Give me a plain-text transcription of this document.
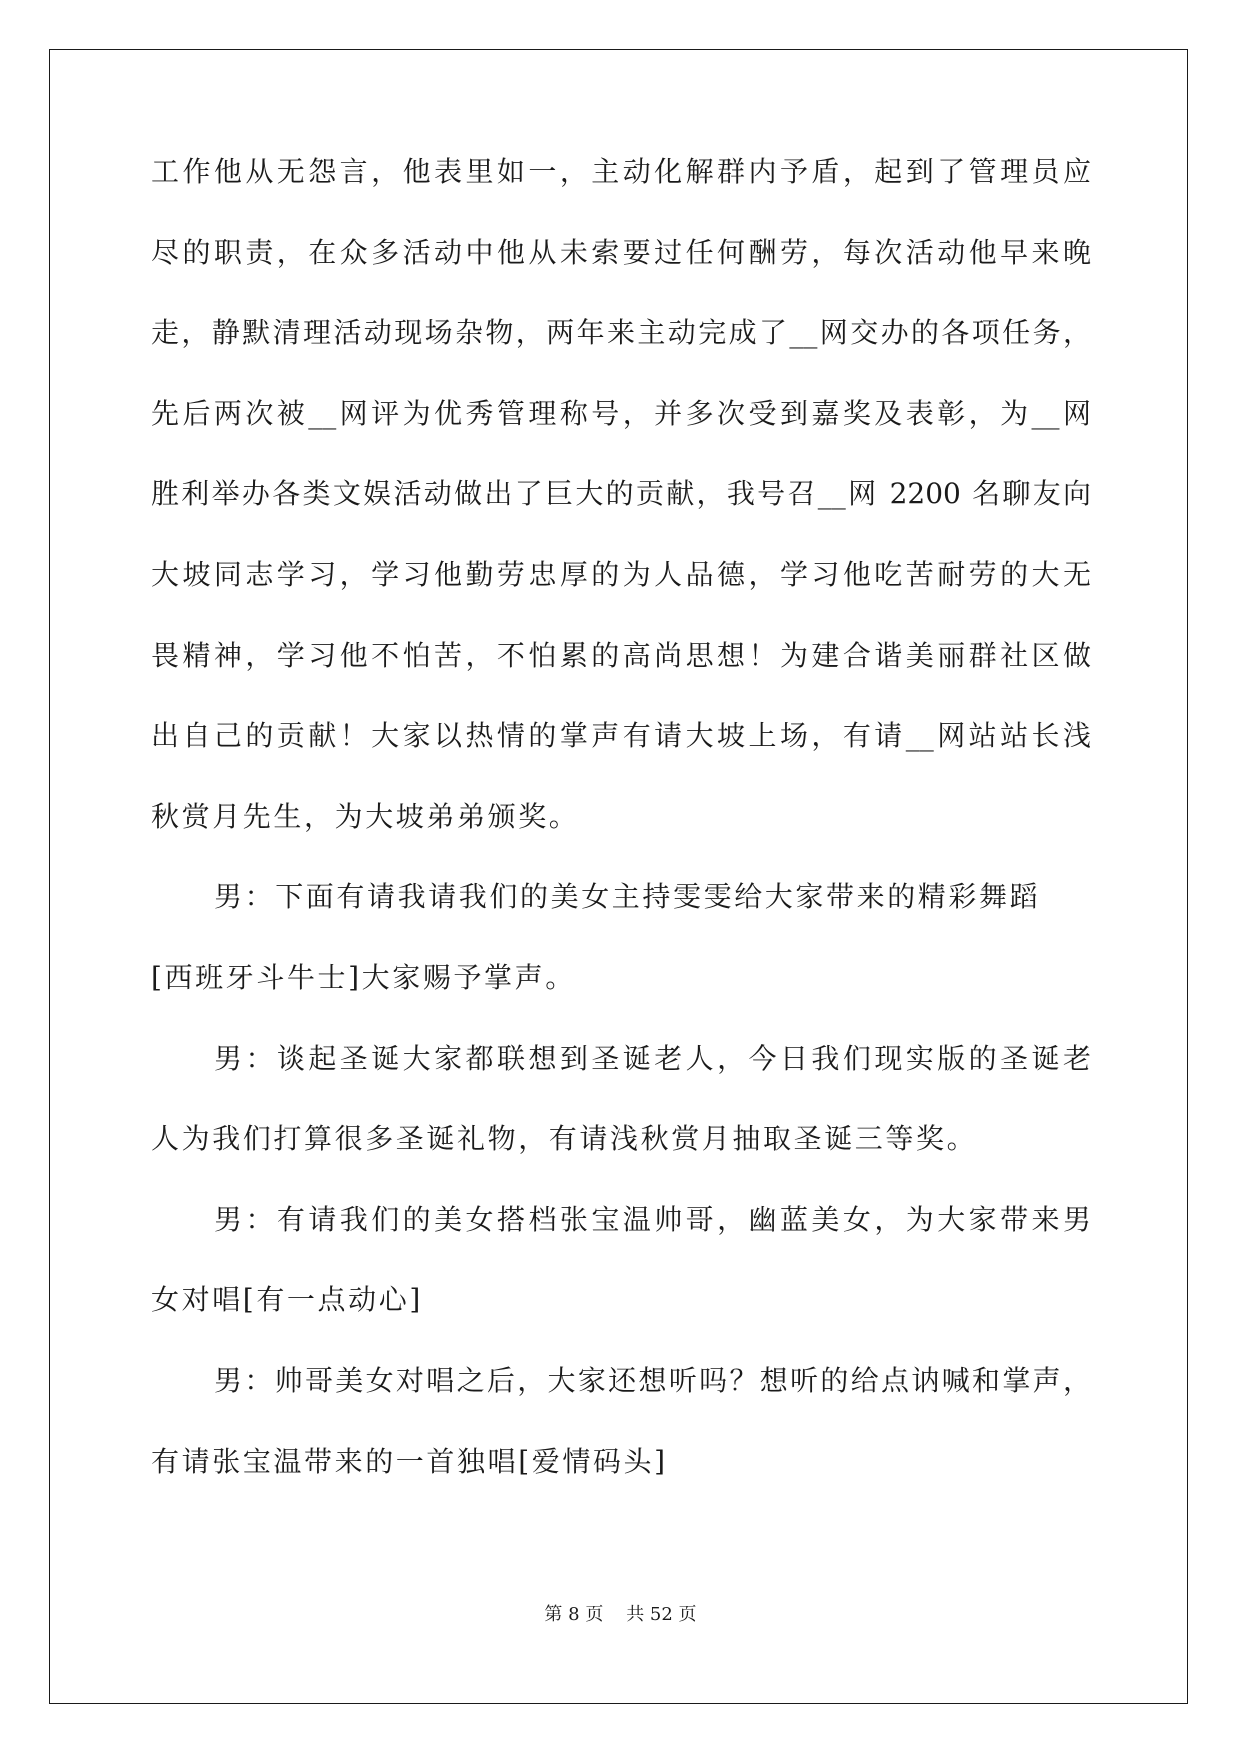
工作他从无怨言，他表里如一，主动化解群内予盾，起到了管理员应
尽的职责，在众多活动中他从未索要过任何酬劳，每次活动他早来晚
走，静默清理活动现场杂物，两年来主动完成了__网交办的各项任务，
先后两次被__网评为优秀管理称号，并多次受到嘉奖及表彰，为__网
胜利举办各类文娱活动做出了巨大的贡献，我号召__网 2200 名聊友向
大坡同志学习，学习他勤劳忠厚的为人品德，学习他吃苦耐劳的大无
畏精神，学习他不怕苦，不怕累的高尚思想！为建合谐美丽群社区做
出自己的贡献！大家以热情的掌声有请大坡上场，有请__网站站长浅
秋赏月先生，为大坡弟弟颁奖。
男：下面有请我请我们的美女主持雯雯给大家带来的精彩舞蹈
[西班牙斗牛士]大家赐予掌声。
男：谈起圣诞大家都联想到圣诞老人，今日我们现实版的圣诞老
人为我们打算很多圣诞礼物，有请浅秋赏月抽取圣诞三等奖。
男：有请我们的美女搭档张宝温帅哥，幽蓝美女，为大家带来男
女对唱[有一点动心]
男：帅哥美女对唱之后，大家还想听吗？想听的给点讷喊和掌声，
有请张宝温带来的一首独唱[爱情码头]
第 8 页    共 52 页
